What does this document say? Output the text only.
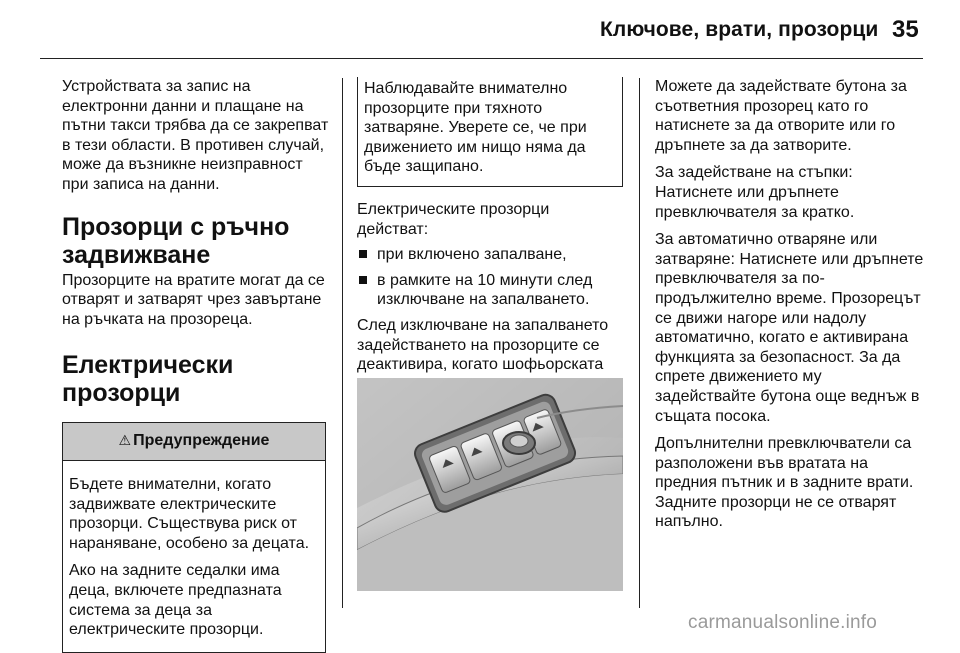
Ключове, врати, прозорци 35

Устройствата за запис на електронни данни и плащане на пътни такси трябва да се закрепват в тези области. В противен случай, може да възникне неизправност при записа на данни.

Прозорци с ръчно задвижване

Прозорците на вратите могат да се отварят и затварят чрез завъртане на ръчката на прозореца.

Електрически прозорци
⚠ Предупреждение

Бъдете внимателни, когато задвижвате електрическите прозорци. Съществува риск от нараняване, особено за децата.

Ако на задните седалки има деца, включете предпазната система за деца за електрическите прозорци.

Наблюдавайте внимателно прозорците при тяхното затваряне. Уверете се, че при движението им нищо няма да бъде защипано.

Електрическите прозорци действат:

при включено запалване,
в рамките на 10 минути след изключване на запалването.

След изключване на запалването задействането на прозорците се деактивира, когато шофьорската

Можете да задействате бутона за съответния прозорец като го натиснете за да отворите или го дръпнете за да затворите.

За задействане на стъпки: Натиснете или дръпнете превключвателя за кратко.

За автоматично отваряне или затваряне: Натиснете или дръпнете превключвателя за по-продължително време. Прозорецът се движи нагоре или надолу автоматично, когато е активирана функцията за безопасност. За да спрете движението му задействайте бутона още веднъж в същата посока.

Допълнителни превключватели са разположени във вратата на предния пътник и в задните врати. Задните прозорци не се отварят напълно.

carmanualsonline.info
